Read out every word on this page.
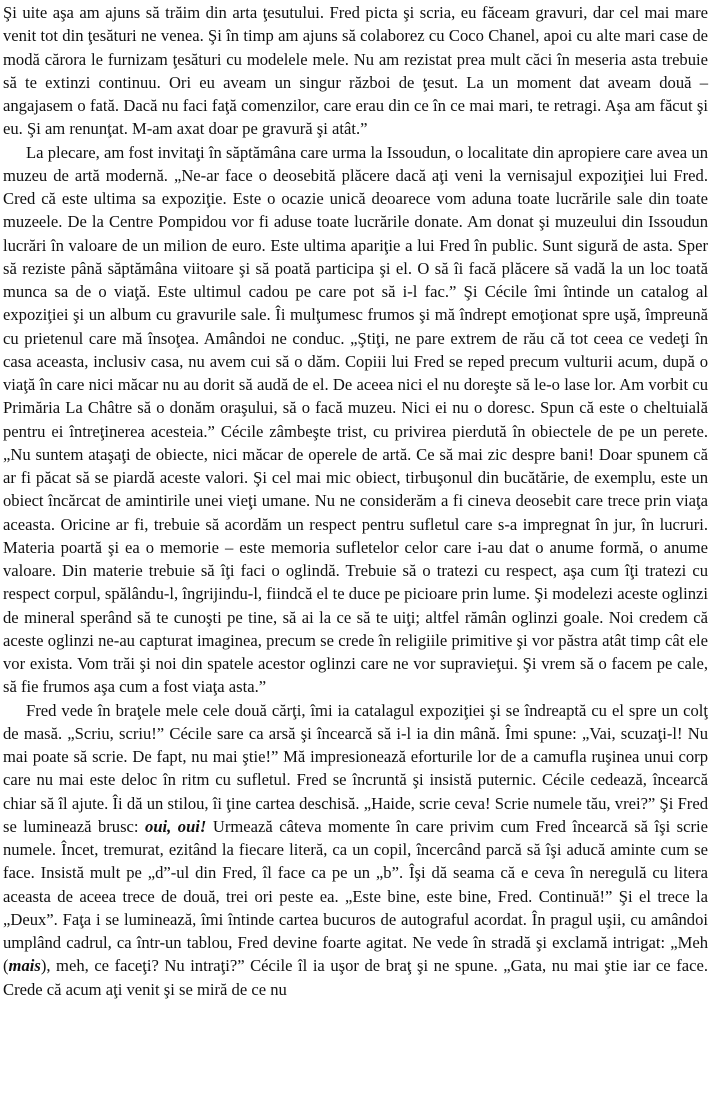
Şi uite aşa am ajuns să trăim din arta ţesutului. Fred picta şi scria, eu făceam gravuri, dar cel mai mare venit tot din ţesături ne venea. Şi în timp am ajuns să colaborez cu Coco Chanel, apoi cu alte mari case de modă cărora le furnizam ţesături cu modelele mele. Nu am rezistat prea mult căci în meseria asta trebuie să te extinzi continuu. Ori eu aveam un singur război de ţesut. La un moment dat aveam două – angajasem o fată. Dacă nu faci faţă comenzilor, care erau din ce în ce mai mari, te retragi. Aşa am făcut şi eu. Şi am renunţat. M-am axat doar pe gravură şi atât.”

La plecare, am fost invitaţi în săptămâna care urma la Issoudun, o localitate din apropiere care avea un muzeu de artă modernă. „Ne-ar face o deosebită plăcere dacă aţi veni la vernisajul expoziţiei lui Fred. Cred că este ultima sa expoziţie. Este o ocazie unică deoarece vom aduna toate lucrările sale din toate muzeele. De la Centre Pompidou vor fi aduse toate lucrările donate. Am donat şi muzeului din Issoudun lucrări în valoare de un milion de euro. Este ultima apariţie a lui Fred în public. Sunt sigură de asta. Sper să reziste până săptămâna viitoare şi să poată participa şi el. O să îi facă plăcere să vadă la un loc toată munca sa de o viaţă. Este ultimul cadou pe care pot să i-l fac.” Şi Cécile îmi întinde un catalog al expoziţiei şi un album cu gravurile sale. Îi mulţumesc frumos şi mă îndrept emoţionat spre uşă, împreună cu prietenul care mă însoţea. Amândoi ne conduc. „Ştiţi, ne pare extrem de rău că tot ceea ce vedeţi în casa aceasta, inclusiv casa, nu avem cui să o dăm. Copiii lui Fred se reped precum vulturii acum, după o viaţă în care nici măcar nu au dorit să audă de el. De aceea nici el nu doreşte să le-o lase lor. Am vorbit cu Primăria La Châtre să o donăm oraşului, să o facă muzeu. Nici ei nu o doresc. Spun că este o cheltuială pentru ei întreţinerea acesteia.” Cécile zâmbeşte trist, cu privirea pierdută în obiectele de pe un perete. „Nu suntem ataşaţi de obiecte, nici măcar de operele de artă. Ce să mai zic despre bani! Doar spunem că ar fi păcat să se piardă aceste valori. Şi cel mai mic obiect, tirbuşonul din bucătărie, de exemplu, este un obiect încărcat de amintirile unei vieţi umane. Nu ne considerăm a fi cineva deosebit care trece prin viaţa aceasta. Oricine ar fi, trebuie să acordăm un respect pentru sufletul care s-a impregnat în jur, în lucruri. Materia poartă şi ea o memorie – este memoria sufletelor celor care i-au dat o anume formă, o anume valoare. Din materie trebuie să îţi faci o oglindă. Trebuie să o tratezi cu respect, aşa cum îţi tratezi cu respect corpul, spălându-l, îngrijindu-l, fiindcă el te duce pe picioare prin lume. Şi modelezi aceste oglinzi de mineral sperând să te cunoşti pe tine, să ai la ce să te uiţi; altfel rămân oglinzi goale. Noi credem că aceste oglinzi ne-au capturat imaginea, precum se crede în religiile primitive şi vor păstra atât timp cât ele vor exista. Vom trăi şi noi din spatele acestor oglinzi care ne vor supravieţui. Şi vrem să o facem pe cale, să fie frumos aşa cum a fost viaţa asta.”

Fred vede în braţele mele cele două cărţi, îmi ia catalagul expoziţiei şi se îndreaptă cu el spre un colţ de masă. „Scriu, scriu!” Cécile sare ca arsă şi încearcă să i-l ia din mână. Îmi spune: „Vai, scuzaţi-l! Nu mai poate să scrie. De fapt, nu mai ştie!” Mă impresionează eforturile lor de a camufla ruşinea unui corp care nu mai este deloc în ritm cu sufletul. Fred se încruntă şi insistă puternic. Cécile cedează, încearcă chiar să îl ajute. Îi dă un stilou, îi ţine cartea deschisă. „Haide, scrie ceva! Scrie numele tău, vrei?” Şi Fred se luminează brusc: oui, oui! Urmează câteva momente în care privim cum Fred încearcă să îşi scrie numele. Încet, tremurat, ezitând la fiecare literă, ca un copil, încercând parcă să îşi aducă aminte cum se face. Insistă mult pe „d”-ul din Fred, îl face ca pe un „b”. Îşi dă seama că e ceva în neregulă cu litera aceasta de aceea trece de două, trei ori peste ea. „Este bine, este bine, Fred. Continuă!” Şi el trece la „Deux”. Faţa i se luminează, îmi întinde cartea bucuros de autograful acordat. În pragul uşii, cu amândoi umplând cadrul, ca într-un tablou, Fred devine foarte agitat. Ne vede în stradă şi exclamă intrigat: „Meh (mais), meh, ce faceţi? Nu intraţi?” Cécile îl ia uşor de braţ şi ne spune. „Gata, nu mai ştie iar ce face. Crede că acum aţi venit şi se miră de ce nu
